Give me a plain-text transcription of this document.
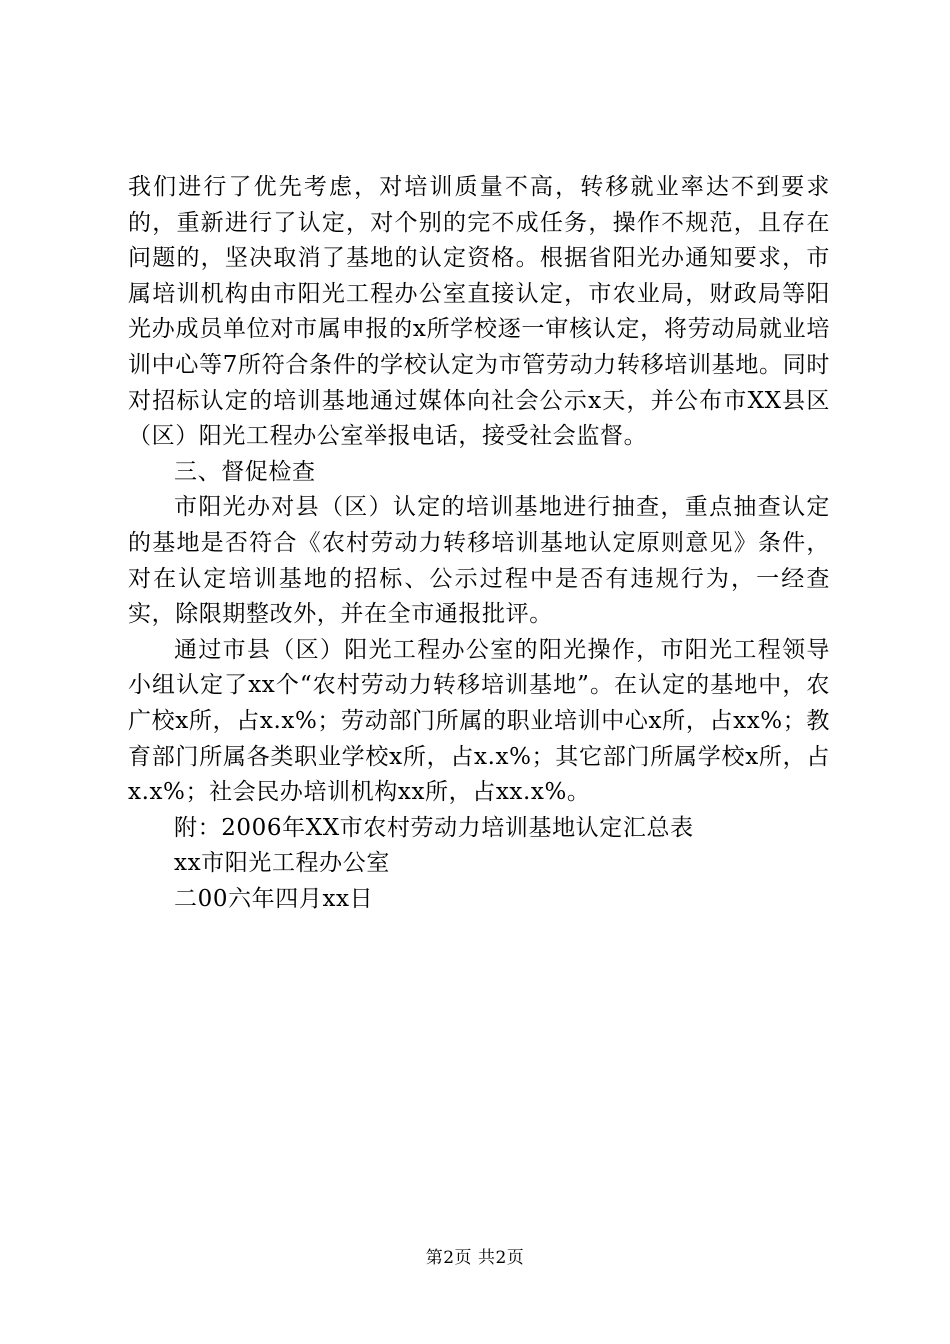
我们进行了优先考虑，对培训质量不高，转移就业率达不到要求的，重新进行了认定，对个别的完不成任务，操作不规范，且存在问题的，坚决取消了基地的认定资格。根据省阳光办通知要求，市属培训机构由市阳光工程办公室直接认定，市农业局，财政局等阳光办成员单位对市属申报的x所学校逐一审核认定，将劳动局就业培训中心等7所符合条件的学校认定为市管劳动力转移培训基地。同时对招标认定的培训基地通过媒体向社会公示x天，并公布市XX县区（区）阳光工程办公室举报电话，接受社会监督。

三、督促检查

市阳光办对县（区）认定的培训基地进行抽查，重点抽查认定的基地是否符合《农村劳动力转移培训基地认定原则意见》条件，对在认定培训基地的招标、公示过程中是否有违规行为，一经查实，除限期整改外，并在全市通报批评。

通过市县（区）阳光工程办公室的阳光操作，市阳光工程领导小组认定了xx个“农村劳动力转移培训基地”。在认定的基地中，农广校x所，占x.x%；劳动部门所属的职业培训中心x所，占xx%；教育部门所属各类职业学校x所，占x.x%；其它部门所属学校x所，占x.x%；社会民办培训机构xx所，占xx.x%。

附：2006年XX市农村劳动力培训基地认定汇总表

xx市阳光工程办公室

二00六年四月xx日

第2页 共2页
